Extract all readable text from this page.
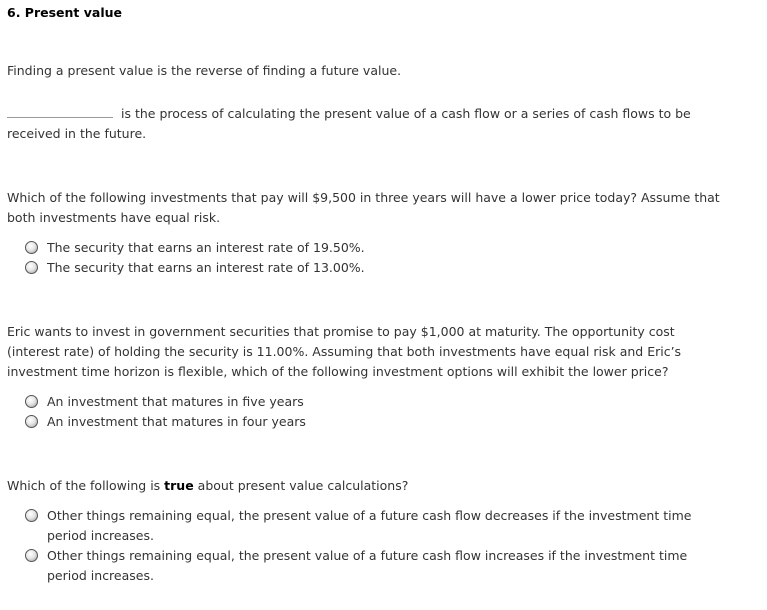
6. Present value
Finding a present value is the reverse of finding a future value.
is the process of calculating the present value of a cash flow or a series of cash flows to be received in the future.
Which of the following investments that pay will $9,500 in three years will have a lower price today? Assume that both investments have equal risk.
The security that earns an interest rate of 19.50%.
The security that earns an interest rate of 13.00%.
Eric wants to invest in government securities that promise to pay $1,000 at maturity. The opportunity cost (interest rate) of holding the security is 11.00%. Assuming that both investments have equal risk and Eric’s investment time horizon is flexible, which of the following investment options will exhibit the lower price?
An investment that matures in five years
An investment that matures in four years
Which of the following is true about present value calculations?
Other things remaining equal, the present value of a future cash flow decreases if the investment time period increases.
Other things remaining equal, the present value of a future cash flow increases if the investment time period increases.
